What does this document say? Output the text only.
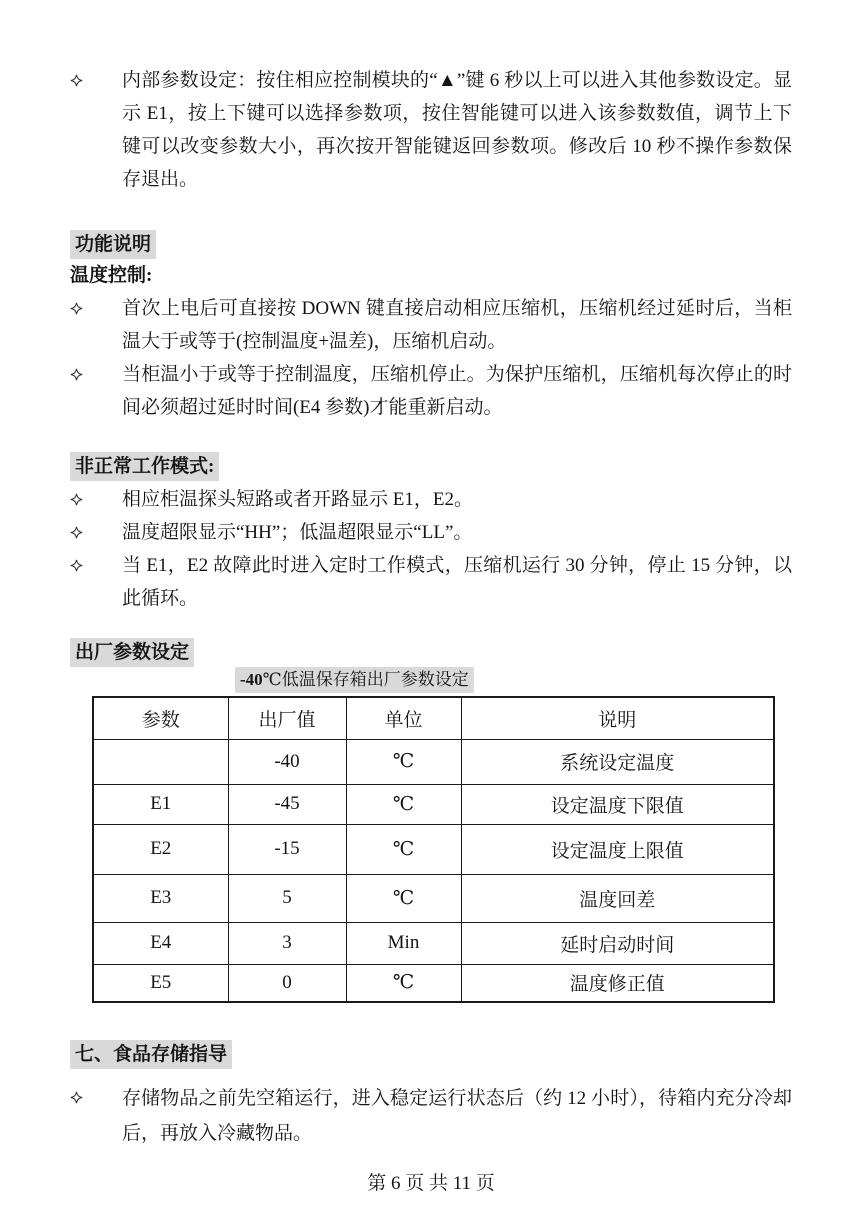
内部参数设定：按住相应控制模块的“▲”键 6 秒以上可以进入其他参数设定。显示 E1，按上下键可以选择参数项，按住智能键可以进入该参数数值，调节上下键可以改变参数大小，再次按开智能键返回参数项。修改后 10 秒不操作参数保存退出。

功能说明
温度控制:

首次上电后可直接按 DOWN 键直接启动相应压缩机，压缩机经过延时后，当柜温大于或等于(控制温度+温差)，压缩机启动。

当柜温小于或等于控制温度，压缩机停止。为保护压缩机，压缩机每次停止的时间必须超过延时时间(E4 参数)才能重新启动。

非正常工作模式:

相应柜温探头短路或者开路显示 E1，E2。

温度超限显示“HH”；低温超限显示“LL”。

当 E1，E2 故障此时进入定时工作模式，压缩机运行 30 分钟，停止 15 分钟，以此循环。

出厂参数设定
-40℃低温保存箱出厂参数设定
参数	出厂值	单位	说明
	-40	℃	系统设定温度
E1	-45	℃	设定温度下限值
E2	-15	℃	设定温度上限值
E3	5	℃	温度回差
E4	3	Min	延时启动时间
E5	0	℃	温度修正值
七、食品存储指导

存储物品之前先空箱运行，进入稳定运行状态后（约 12 小时），待箱内充分冷却后，再放入冷藏物品。

第 6 页 共 11 页
